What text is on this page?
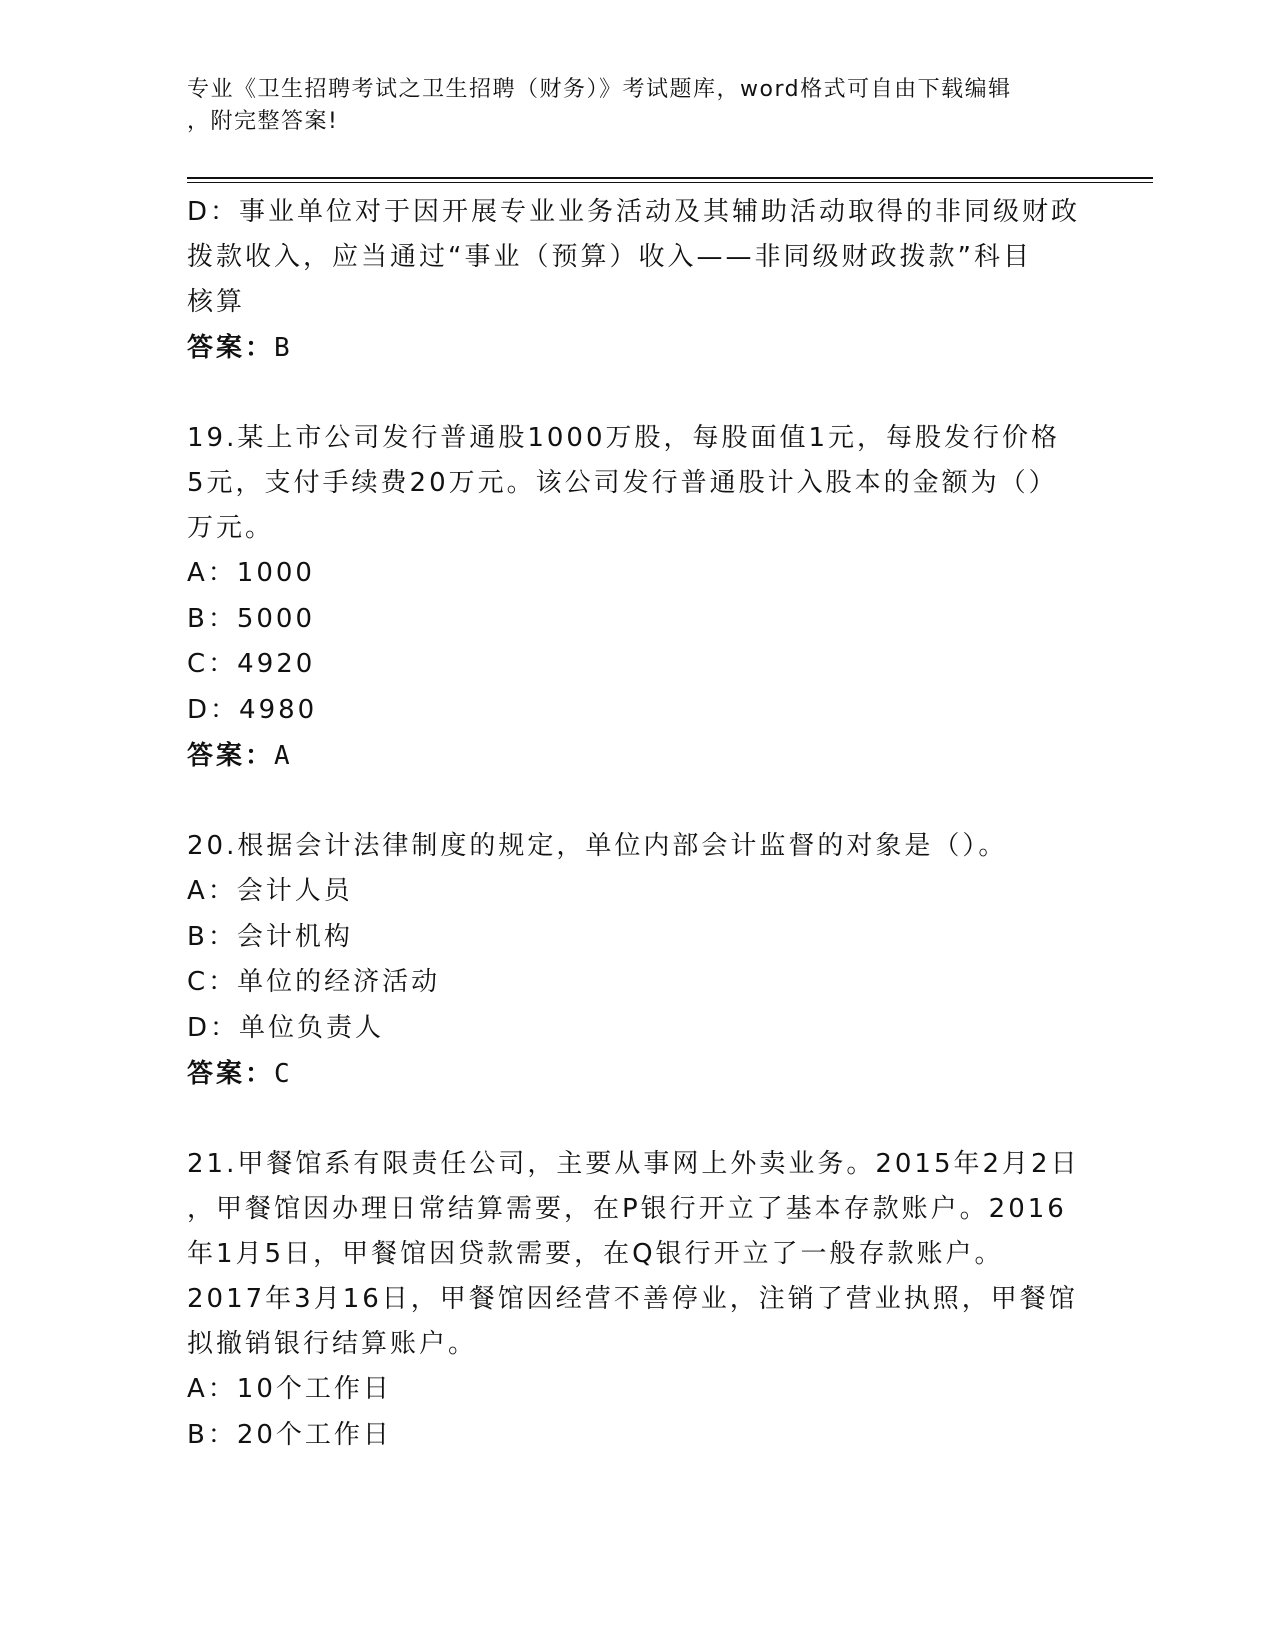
专业《卫生招聘考试之卫生招聘（财务）》考试题库，word格式可自由下载编辑
，附完整答案!
D：事业单位对于因开展专业业务活动及其辅助活动取得的非同级财政
拨款收入，应当通过“事业（预算）收入——非同级财政拨款”科目
核算
答案：B
19.某上市公司发行普通股1000万股，每股面值1元，每股发行价格
5元，支付手续费20万元。该公司发行普通股计入股本的金额为（）
万元。
A：1000
B：5000
C：4920
D：4980
答案：A
20.根据会计法律制度的规定，单位内部会计监督的对象是（）。
A：会计人员
B：会计机构
C：单位的经济活动
D：单位负责人
答案：C
21.甲餐馆系有限责任公司，主要从事网上外卖业务。2015年2月2日
，甲餐馆因办理日常结算需要，在P银行开立了基本存款账户。2016
年1月5日，甲餐馆因贷款需要，在Q银行开立了一般存款账户。
2017年3月16日，甲餐馆因经营不善停业，注销了营业执照，甲餐馆
拟撤销银行结算账户。
A：10个工作日
B：20个工作日
